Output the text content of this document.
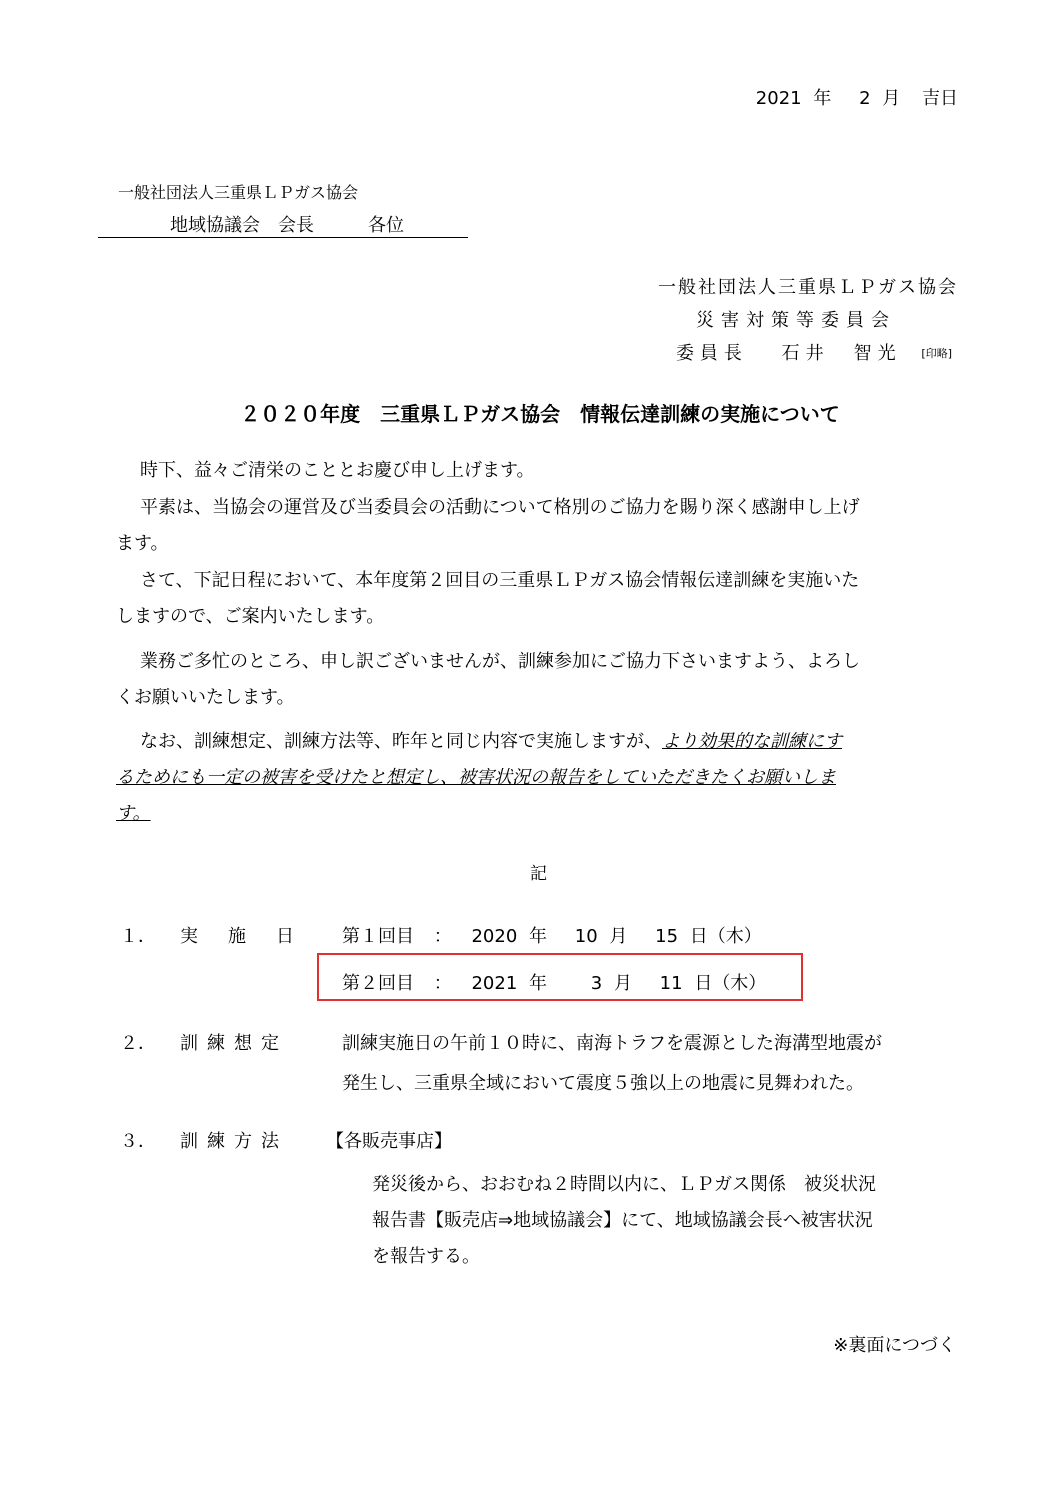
2021 年 2 月 吉日
一般社団法人三重県ＬＰガス協会
地域協議会　会長　　　各位
一般社団法人三重県ＬＰガス協会
災害対策等委員会
委員長 石井　智光 [印略]
２０２０年度　三重県ＬＰガス協会　情報伝達訓練の実施について
時下、益々ご清栄のこととお慶び申し上げます。
平素は、当協会の運営及び当委員会の活動について格別のご協力を賜り深く感謝申し上げ
ます。
さて、下記日程において、本年度第２回目の三重県ＬＰガス協会情報伝達訓練を実施いた
しますので、ご案内いたします。
業務ご多忙のところ、申し訳ございませんが、訓練参加にご協力下さいますよう、よろし
くお願いいたします。
なお、訓練想定、訓練方法等、昨年と同じ内容で実施しますが、より効果的な訓練にす
るためにも一定の被害を受けたと想定し、被害状況の報告をしていただきたくお願いしま
す。
記
１． 実施日 第１回目 ： 2020 年 10 月 15 日（木）
第２回目 ： 2021 年 3 月 11 日（木）
２． 訓練想定	訓練実施日の午前１０時に、南海トラフを震源とした海溝型地震が
発生し、三重県全域において震度５強以上の地震に見舞われた。
３． 訓練方法 【各販売事店】
発災後から、おおむね２時間以内に、ＬＰガス関係　被災状況
報告書【販売店⇒地域協議会】にて、地域協議会長へ被害状況
を報告する。
※裏面につづく
